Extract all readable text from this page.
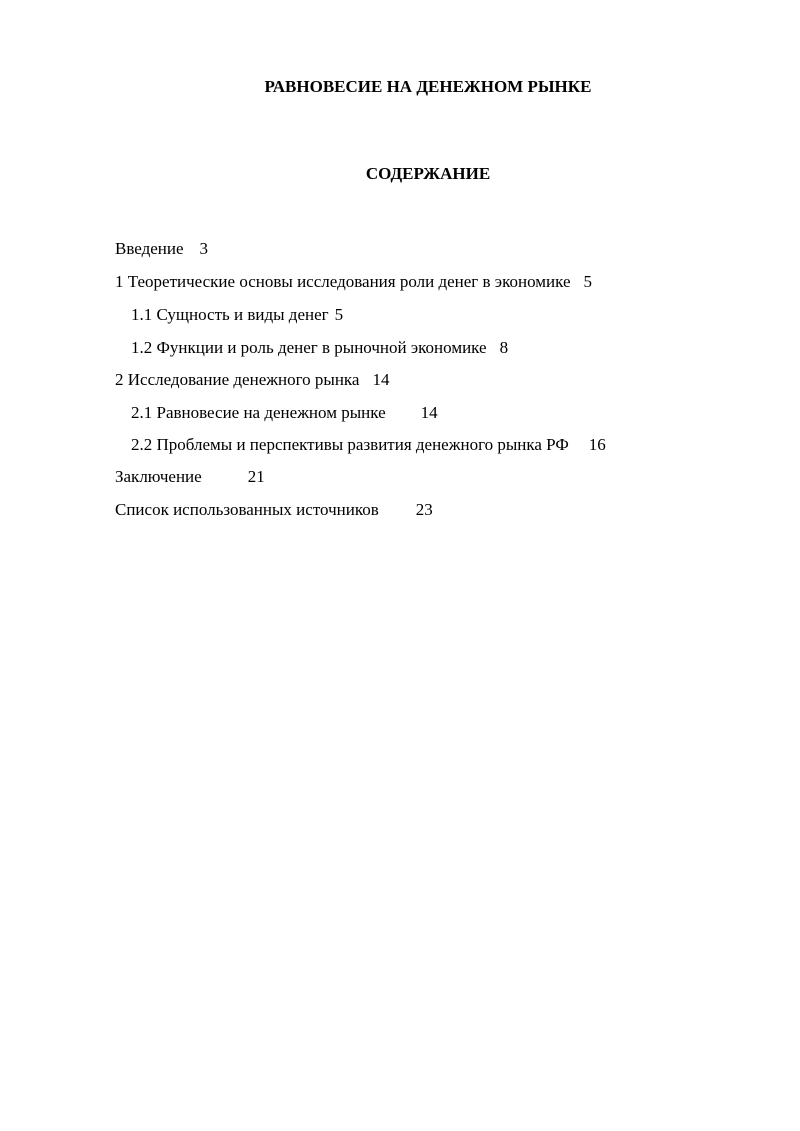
РАВНОВЕСИЕ НА ДЕНЕЖНОМ РЫНКЕ
СОДЕРЖАНИЕ
Введение 3
1 Теоретические основы исследования роли денег в экономике 5
1.1 Сущность и виды денег 5
1.2 Функции и роль денег в рыночной экономике 8
2 Исследование денежного рынка 14
2.1 Равновесие на денежном рынке 14
2.2 Проблемы и перспективы развития денежного рынка РФ 16
Заключение	21
Список использованных источников 23
